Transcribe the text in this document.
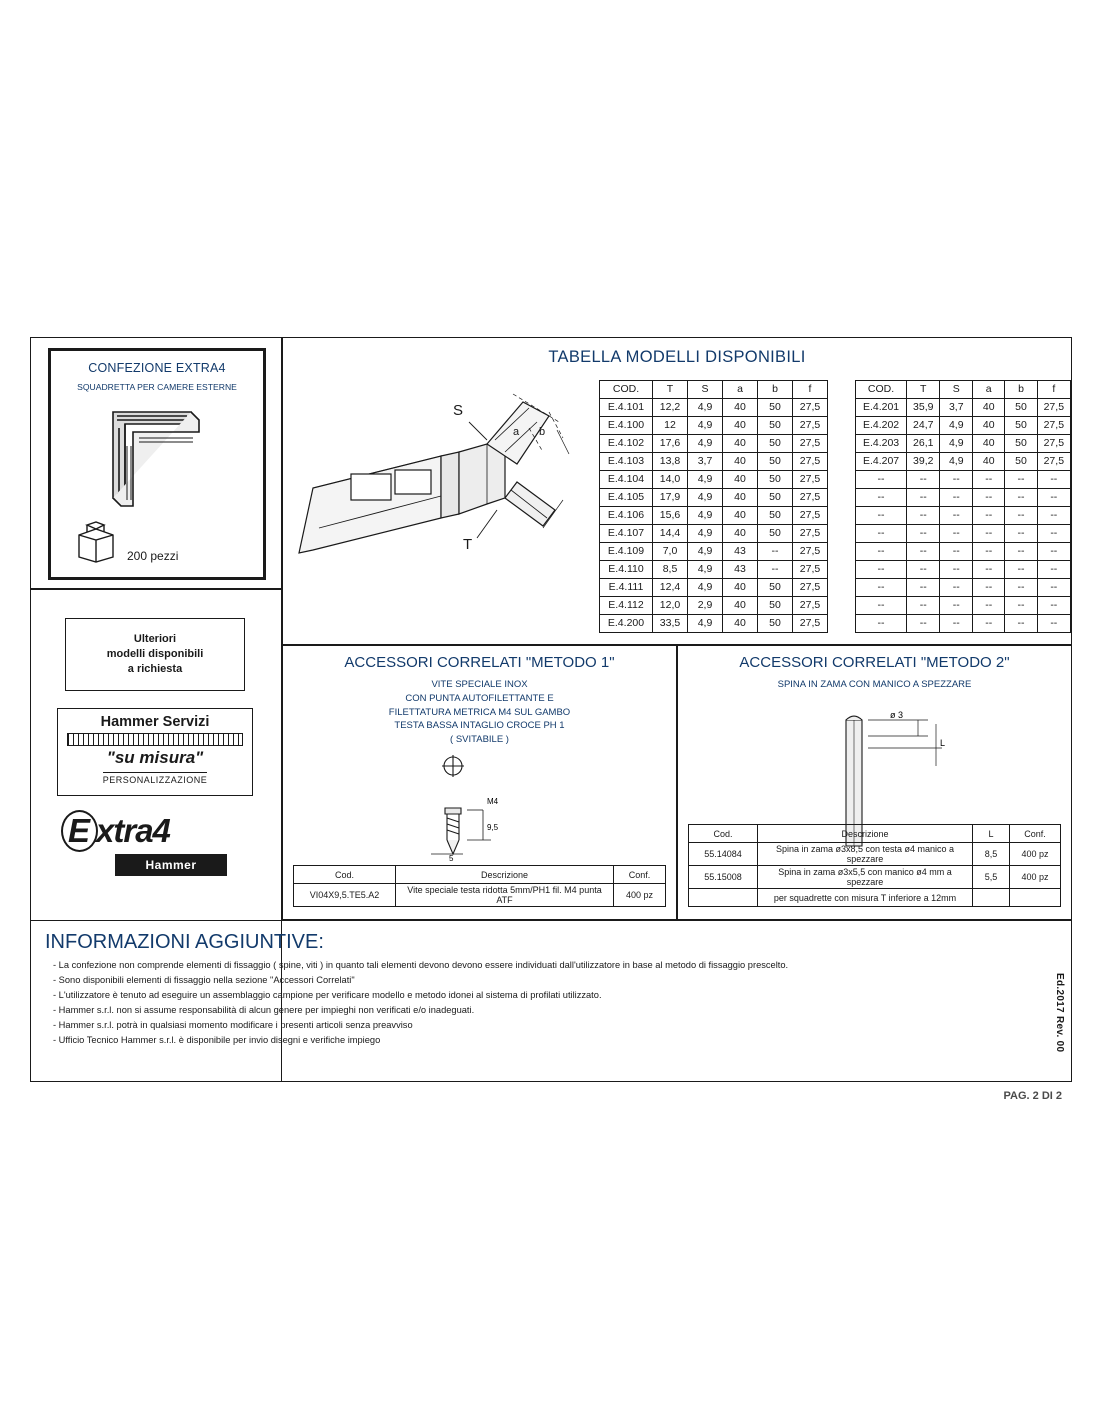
CONFEZIONE EXTRA4
SQUADRETTA PER CAMERE ESTERNE
200 pezzi
Ulteriori
modelli disponibili
a richiesta
Hammer Servizi
"su misura"
PERSONALIZZAZIONE
E xtra4
Hammer
TABELLA MODELLI DISPONIBILI
S
T
a b
COD.	T	S	a	b	f
E.4.101	12,2	4,9	40	50	27,5
E.4.100	12	4,9	40	50	27,5
E.4.102	17,6	4,9	40	50	27,5
E.4.103	13,8	3,7	40	50	27,5
E.4.104	14,0	4,9	40	50	27,5
E.4.105	17,9	4,9	40	50	27,5
E.4.106	15,6	4,9	40	50	27,5
E.4.107	14,4	4,9	40	50	27,5
E.4.109	7,0	4,9	43	--	27,5
E.4.110	8,5	4,9	43	--	27,5
E.4.111	12,4	4,9	40	50	27,5
E.4.112	12,0	2,9	40	50	27,5
E.4.200	33,5	4,9	40	50	27,5
COD.	T	S	a	b	f
E.4.201	35,9	3,7	40	50	27,5
E.4.202	24,7	4,9	40	50	27,5
E.4.203	26,1	4,9	40	50	27,5
E.4.207	39,2	4,9	40	50	27,5
--	--	--	--	--	--
--	--	--	--	--	--
--	--	--	--	--	--
--	--	--	--	--	--
--	--	--	--	--	--
--	--	--	--	--	--
--	--	--	--	--	--
--	--	--	--	--	--
--	--	--	--	--	--
ACCESSORI CORRELATI "METODO 1"
VITE SPECIALE INOX
CON PUNTA AUTOFILETTANTE E
FILETTATURA METRICA M4 SUL GAMBO
TESTA BASSA INTAGLIO CROCE PH 1
( SVITABILE )
M4
9,5
5
Cod.	Descrizione	Conf.
VI04X9,5.TE5.A2	Vite speciale testa ridotta 5mm/PH1 fil. M4 punta ATF	400 pz
ACCESSORI CORRELATI "METODO 2"
SPINA IN ZAMA CON MANICO A SPEZZARE
ø 3
L
Cod.	Descrizione	L	Conf.
55.14084	Spina in zama ø3x8,5 con testa ø4 manico a spezzare	8,5	400 pz
55.15008	Spina in zama ø3x5,5 con manico ø4 mm a spezzare	5,5	400 pz
	per squadrette con misura T inferiore a 12mm		
INFORMAZIONI AGGIUNTIVE:
- La confezione non comprende elementi di fissaggio ( spine, viti ) in quanto tali elementi devono devono essere individuati dall'utilizzatore in base al metodo di fissaggio prescelto.
- Sono disponibili elementi di fissaggio nella sezione "Accessori Correlati"
- L'utilizzatore è tenuto ad eseguire un assemblaggio campione per verificare modello e metodo idonei al sistema di profilati utilizzato.
- Hammer s.r.l. non si assume responsabilità di alcun genere per impieghi non verificati e/o inadeguati.
- Hammer s.r.l. potrà in qualsiasi momento modificare i presenti articoli senza preavviso
- Ufficio Tecnico Hammer s.r.l. è disponibile per invio disegni e verifiche impiego	Ed.2017 Rev. 00
PAG. 2 DI 2
